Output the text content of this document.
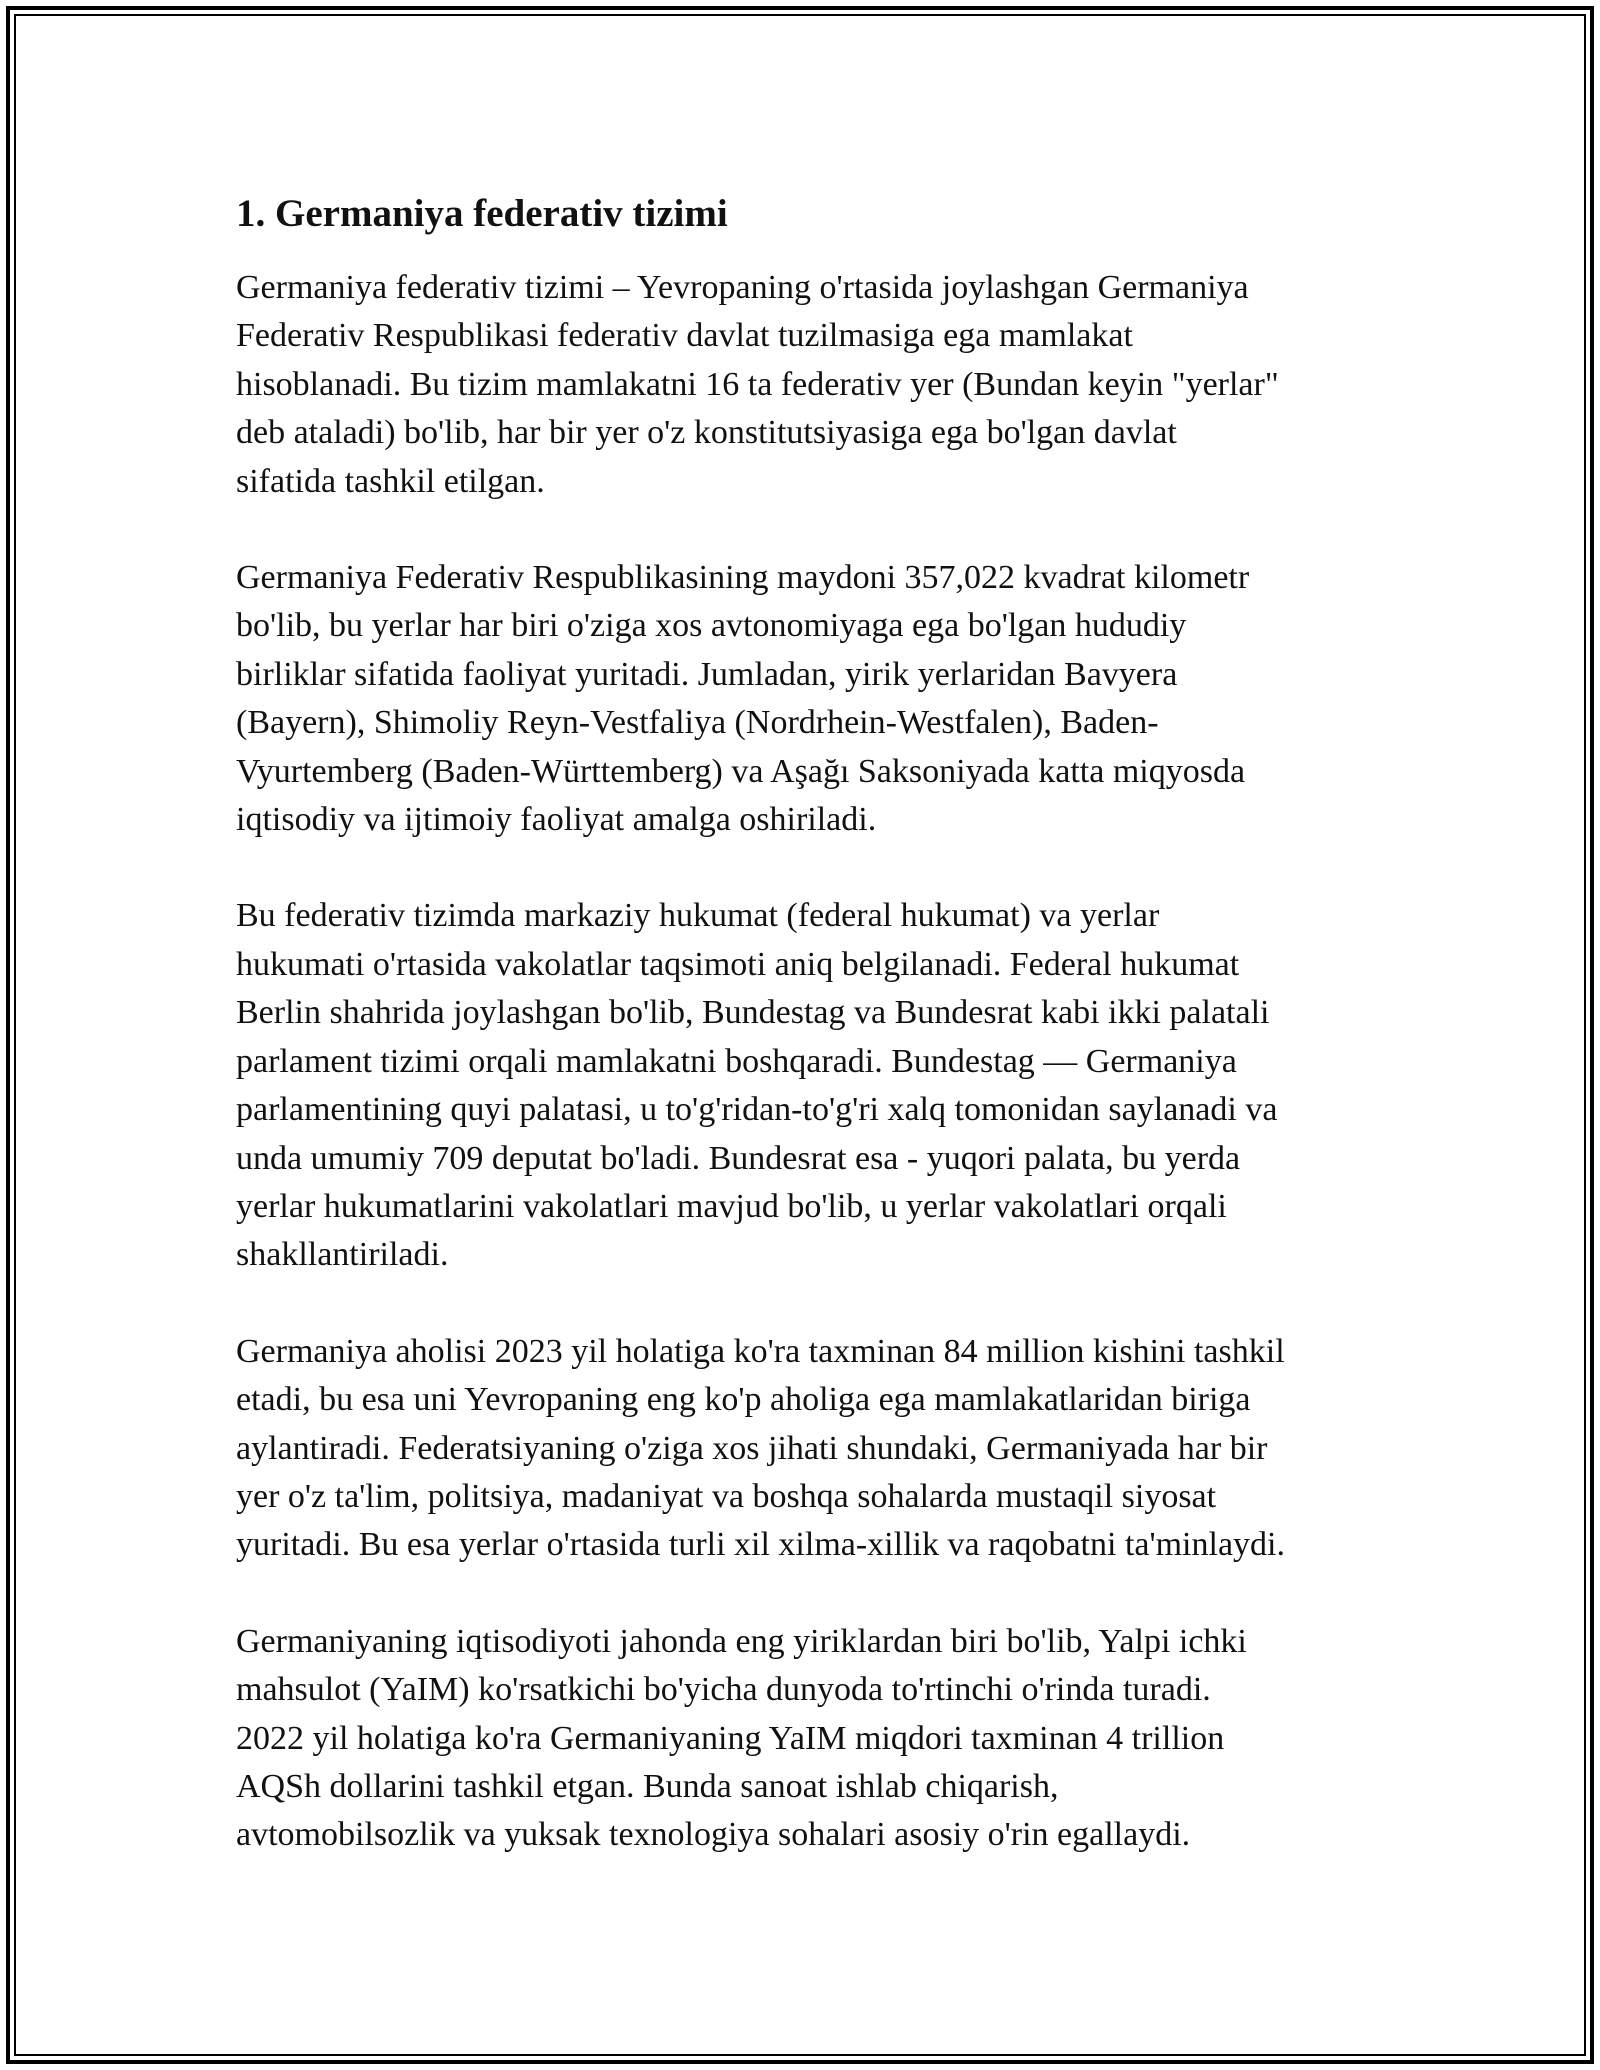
1. Germaniya federativ tizimi

Germaniya federativ tizimi – Yevropaning o'rtasida joylashgan Germaniya
Federativ Respublikasi federativ davlat tuzilmasiga ega mamlakat
hisoblanadi. Bu tizim mamlakatni 16 ta federativ yer (Bundan keyin "yerlar"
deb ataladi) bo'lib, har bir yer o'z konstitutsiyasiga ega bo'lgan davlat
sifatida tashkil etilgan.

Germaniya Federativ Respublikasining maydoni 357,022 kvadrat kilometr
bo'lib, bu yerlar har biri o'ziga xos avtonomiyaga ega bo'lgan hududiy
birliklar sifatida faoliyat yuritadi. Jumladan, yirik yerlaridan Bavyera
(Bayern), Shimoliy Reyn-Vestfaliya (Nordrhein-Westfalen), Baden-
Vyurtemberg (Baden-Württemberg) va Aşağı Saksoniyada katta miqyosda
iqtisodiy va ijtimoiy faoliyat amalga oshiriladi.

Bu federativ tizimda markaziy hukumat (federal hukumat) va yerlar
hukumati o'rtasida vakolatlar taqsimoti aniq belgilanadi. Federal hukumat
Berlin shahrida joylashgan bo'lib, Bundestag va Bundesrat kabi ikki palatali
parlament tizimi orqali mamlakatni boshqaradi. Bundestag — Germaniya
parlamentining quyi palatasi, u to'g'ridan-to'g'ri xalq tomonidan saylanadi va
unda umumiy 709 deputat bo'ladi. Bundesrat esa - yuqori palata, bu yerda
yerlar hukumatlarini vakolatlari mavjud bo'lib, u yerlar vakolatlari orqali
shakllantiriladi.

Germaniya aholisi 2023 yil holatiga ko'ra taxminan 84 million kishini tashkil
etadi, bu esa uni Yevropaning eng ko'p aholiga ega mamlakatlaridan biriga
aylantiradi. Federatsiyaning o'ziga xos jihati shundaki, Germaniyada har bir
yer o'z ta'lim, politsiya, madaniyat va boshqa sohalarda mustaqil siyosat
yuritadi. Bu esa yerlar o'rtasida turli xil xilma-xillik va raqobatni ta'minlaydi.

Germaniyaning iqtisodiyoti jahonda eng yiriklardan biri bo'lib, Yalpi ichki
mahsulot (YaIM) ko'rsatkichi bo'yicha dunyoda to'rtinchi o'rinda turadi.
2022 yil holatiga ko'ra Germaniyaning YaIM miqdori taxminan 4 trillion
AQSh dollarini tashkil etgan. Bunda sanoat ishlab chiqarish,
avtomobilsozlik va yuksak texnologiya sohalari asosiy o'rin egallaydi.
